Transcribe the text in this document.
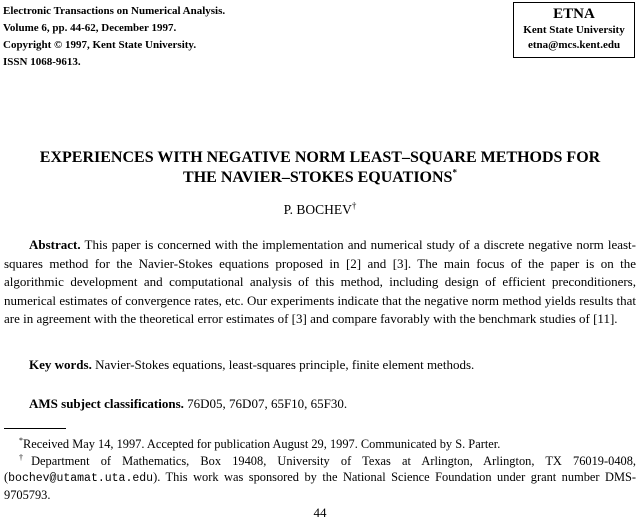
Electronic Transactions on Numerical Analysis.
Volume 6, pp. 44-62, December 1997.
Copyright © 1997, Kent State University.
ISSN 1068-9613.
ETNA
Kent State University
etna@mcs.kent.edu
EXPERIENCES WITH NEGATIVE NORM LEAST–SQUARE METHODS FOR
THE NAVIER–STOKES EQUATIONS*
P. BOCHEV†

Abstract. This paper is concerned with the implementation and numerical study of a discrete negative norm least-squares method for the Navier-Stokes equations proposed in [2] and [3]. The main focus of the paper is on the algorithmic development and computational analysis of this method, including design of efficient preconditioners, numerical estimates of convergence rates, etc. Our experiments indicate that the negative norm method yields results that are in agreement with the theoretical error estimates of [3] and compare favorably with the benchmark studies of [11].

Key words. Navier-Stokes equations, least-squares principle, finite element methods.
AMS subject classifications. 76D05, 76D07, 65F10, 65F30.

*Received May 14, 1997. Accepted for publication August 29, 1997. Communicated by S. Parter.

†Department of Mathematics, Box 19408, University of Texas at Arlington, Arlington, TX 76019-0408, (bochev@utamat.uta.edu). This work was sponsored by the National Science Foundation under grant number DMS-9705793.

44
